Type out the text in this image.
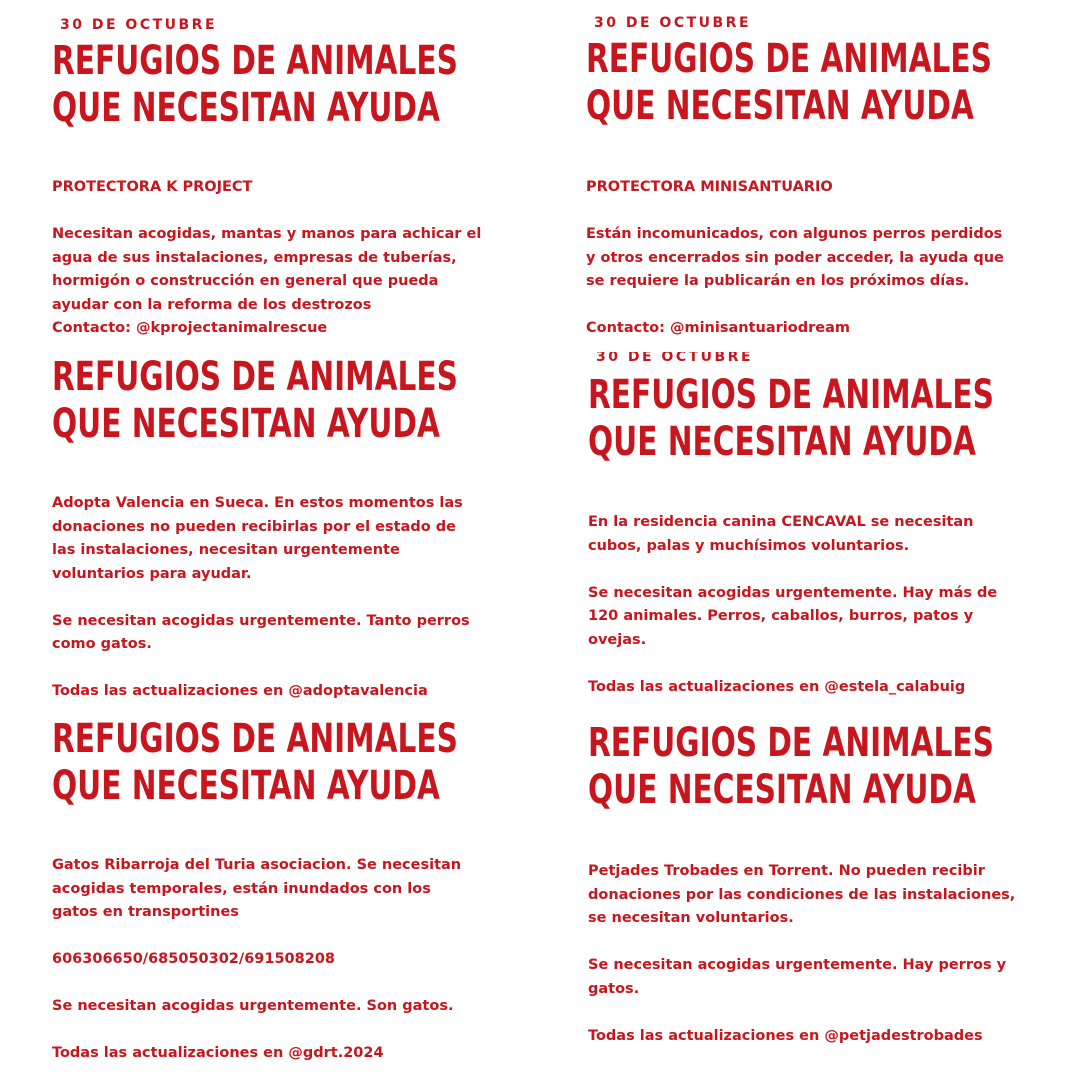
30 DE OCTUBRE
REFUGIOS DE ANIMALES
QUE NECESITAN AYUDA

PROTECTORA K PROJECT

Necesitan acogidas, mantas y manos para achicar el

agua de sus instalaciones, empresas de tuberías,

hormigón o construcción en general que pueda

ayudar con la reforma de los destrozos

Contacto: @kprojectanimalrescue

30 DE OCTUBRE
REFUGIOS DE ANIMALES
QUE NECESITAN AYUDA

PROTECTORA MINISANTUARIO

Están incomunicados, con algunos perros perdidos

y otros encerrados sin poder acceder, la ayuda que

se requiere la publicarán en los próximos días.

Contacto: @minisantuariodream

REFUGIOS DE ANIMALES
QUE NECESITAN AYUDA

Adopta Valencia en Sueca. En estos momentos las

donaciones no pueden recibirlas por el estado de

las instalaciones, necesitan urgentemente

voluntarios para ayudar.

Se necesitan acogidas urgentemente. Tanto perros

como gatos.

Todas las actualizaciones en @adoptavalencia

30 DE OCTUBRE
REFUGIOS DE ANIMALES
QUE NECESITAN AYUDA

En la residencia canina CENCAVAL se necesitan

cubos, palas y muchísimos voluntarios.

Se necesitan acogidas urgentemente. Hay más de

120 animales. Perros, caballos, burros, patos y

ovejas.

Todas las actualizaciones en @estela_calabuig

REFUGIOS DE ANIMALES
QUE NECESITAN AYUDA

Gatos Ribarroja del Turia asociacion. Se necesitan

acogidas temporales, están inundados con los

gatos en transportines

606306650/685050302/691508208

Se necesitan acogidas urgentemente. Son gatos.

Todas las actualizaciones en @gdrt.2024

REFUGIOS DE ANIMALES
QUE NECESITAN AYUDA

Petjades Trobades en Torrent. No pueden recibir

donaciones por las condiciones de las instalaciones,

se necesitan voluntarios.

Se necesitan acogidas urgentemente. Hay perros y

gatos.

Todas las actualizaciones en @petjadestrobades
